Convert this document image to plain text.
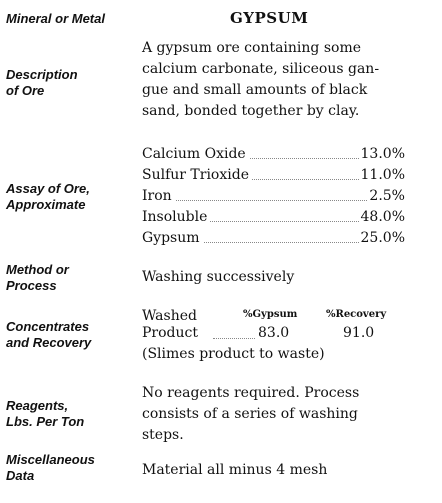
Mineral or Metal	GYPSUM
Description
of Ore
A gypsum ore containing some
calcium carbonate, siliceous gan-
gue and small amounts of black
sand, bonded together by clay.
Assay of Ore,
Approximate
Calcium Oxide	13.0%
Sulfur Trioxide	11.0%
Iron	2.5%
Insoluble	48.0%
Gypsum	25.0%
Method or
Process
Washing successively
Concentrates
and Recovery
Washed	%Gypsum	%Recovery
Product	83.0	91.0
(Slimes product to waste)
Reagents,
Lbs. Per Ton
No reagents required. Process
consists of a series of washing
steps.
Miscellaneous
Data	Material all minus 4 mesh
